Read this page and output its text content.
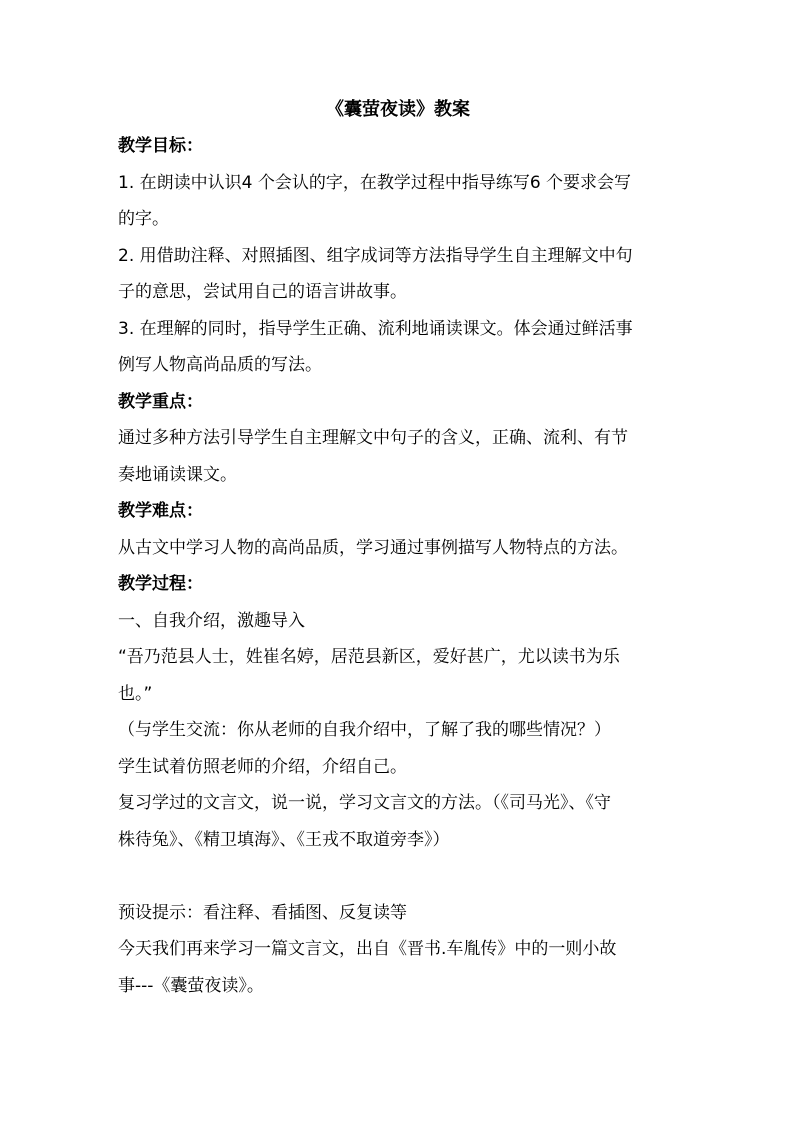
《囊萤夜读》教案

教学目标：

1. 在朗读中认识4 个会认的字，在教学过程中指导练写6 个要求会写

的字。

2. 用借助注释、对照插图、组字成词等方法指导学生自主理解文中句

子的意思，尝试用自己的语言讲故事。

3. 在理解的同时，指导学生正确、流利地诵读课文。体会通过鲜活事

例写人物高尚品质的写法。

教学重点：

通过多种方法引导学生自主理解文中句子的含义，正确、流利、有节

奏地诵读课文。

教学难点：

从古文中学习人物的高尚品质，学习通过事例描写人物特点的方法。

教学过程：

一、自我介绍，激趣导入

“吾乃范县人士，姓崔名婷，居范县新区，爱好甚广，尤以读书为乐

也。”

（与学生交流：你从老师的自我介绍中，了解了我的哪些情况？）

学生试着仿照老师的介绍，介绍自己。

复习学过的文言文，说一说，学习文言文的方法。（《司马光》、《守

株待兔》、《精卫填海》、《王戎不取道旁李》）

预设提示：看注释、看插图、反复读等

今天我们再来学习一篇文言文，出自《晋书.车胤传》中的一则小故

事---《囊萤夜读》。
